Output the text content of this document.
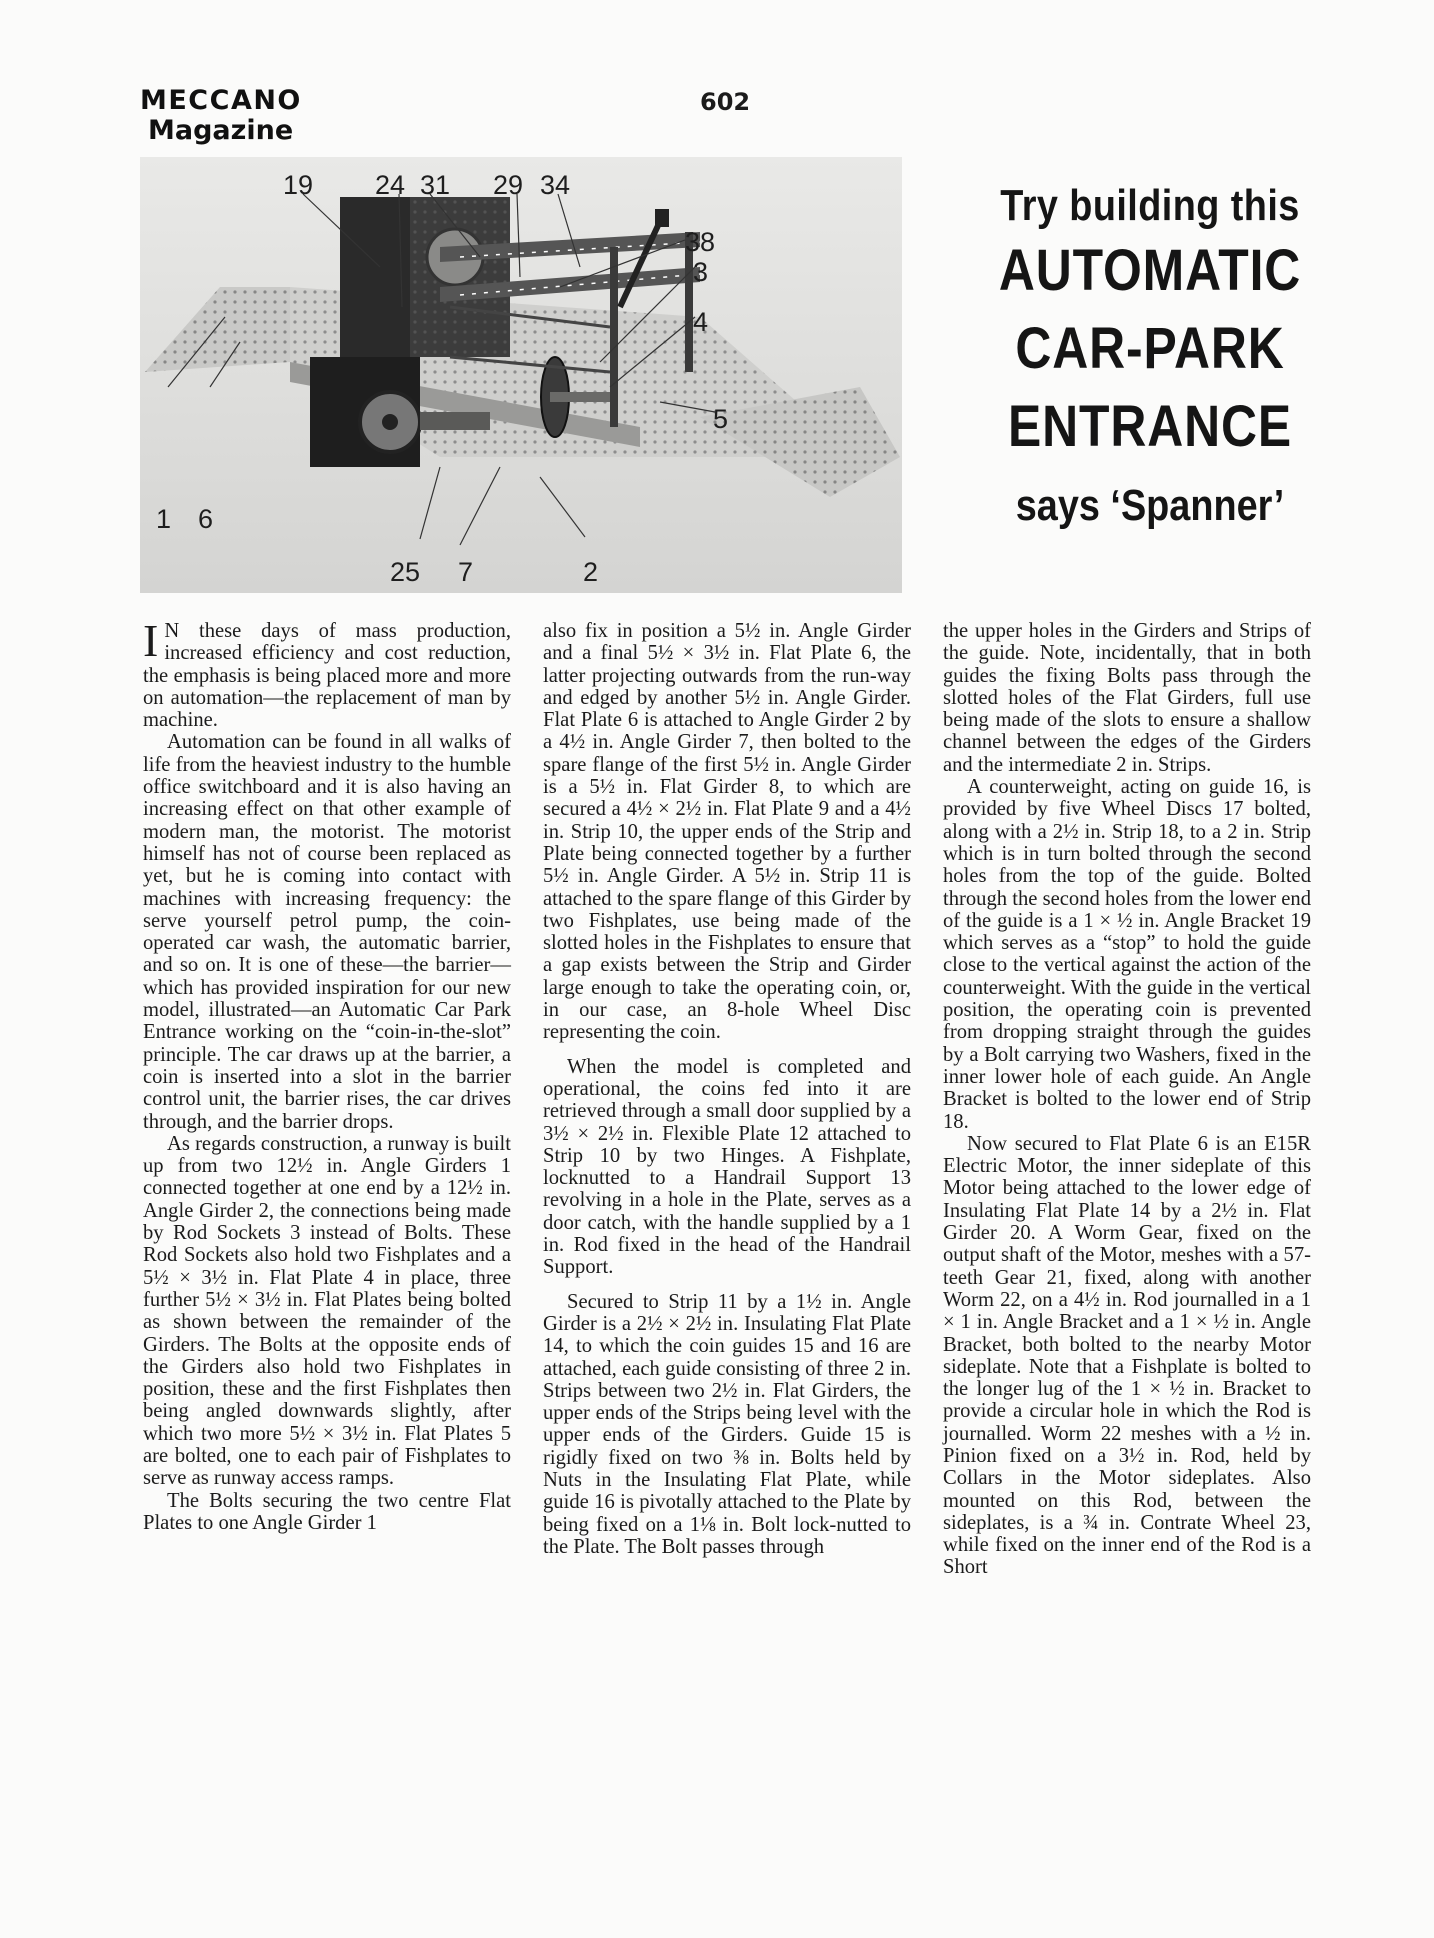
MECCANO
Magazine
602
19 24 31 29 34
38
3
4
5
2
7
25
1 6
Try building this
AUTOMATIC
CAR-PARK
ENTRANCE
says ‘Spanner’

I N these days of mass production, increased efficiency and cost reduction, the emphasis is being placed more and more on automation—the replacement of man by machine.

Automation can be found in all walks of life from the heaviest industry to the humble office switchboard and it is also having an increasing effect on that other example of modern man, the motorist. The motorist himself has not of course been replaced as yet, but he is coming into contact with machines with increasing frequency: the serve yourself petrol pump, the coin-operated car wash, the automatic barrier, and so on. It is one of these—the barrier—which has provided inspiration for our new model, illustrated—an Automatic Car Park Entrance working on the “coin-in-the-slot” principle. The car draws up at the barrier, a coin is inserted into a slot in the barrier control unit, the barrier rises, the car drives through, and the barrier drops.

As regards construction, a runway is built up from two 12½ in. Angle Girders 1 connected together at one end by a 12½ in. Angle Girder 2, the connections being made by Rod Sockets 3 instead of Bolts. These Rod Sockets also hold two Fishplates and a 5½ × 3½ in. Flat Plate 4 in place, three further 5½ × 3½ in. Flat Plates being bolted as shown between the remainder of the Girders. The Bolts at the opposite ends of the Girders also hold two Fishplates in position, these and the first Fishplates then being angled downwards slightly, after which two more 5½ × 3½ in. Flat Plates 5 are bolted, one to each pair of Fishplates to serve as runway access ramps.

The Bolts securing the two centre Flat Plates to one Angle Girder 1

also fix in position a 5½ in. Angle Girder and a final 5½ × 3½ in. Flat Plate 6, the latter projecting outwards from the run-way and edged by another 5½ in. Angle Girder. Flat Plate 6 is attached to Angle Girder 2 by a 4½ in. Angle Girder 7, then bolted to the spare flange of the first 5½ in. Angle Girder is a 5½ in. Flat Girder 8, to which are secured a 4½ × 2½ in. Flat Plate 9 and a 4½ in. Strip 10, the upper ends of the Strip and Plate being connected together by a further 5½ in. Angle Girder. A 5½ in. Strip 11 is attached to the spare flange of this Girder by two Fishplates, use being made of the slotted holes in the Fishplates to ensure that a gap exists between the Strip and Girder large enough to take the operating coin, or, in our case, an 8-hole Wheel Disc representing the coin.

When the model is completed and operational, the coins fed into it are retrieved through a small door supplied by a 3½ × 2½ in. Flexible Plate 12 attached to Strip 10 by two Hinges. A Fishplate, locknutted to a Handrail Support 13 revolving in a hole in the Plate, serves as a door catch, with the handle supplied by a 1 in. Rod fixed in the head of the Handrail Support.

Secured to Strip 11 by a 1½ in. Angle Girder is a 2½ × 2½ in. Insulating Flat Plate 14, to which the coin guides 15 and 16 are attached, each guide consisting of three 2 in. Strips between two 2½ in. Flat Girders, the upper ends of the Strips being level with the upper ends of the Girders. Guide 15 is rigidly fixed on two ⅜ in. Bolts held by Nuts in the Insulating Flat Plate, while guide 16 is pivotally attached to the Plate by being fixed on a 1⅛ in. Bolt lock-nutted to the Plate. The Bolt passes through

the upper holes in the Girders and Strips of the guide. Note, incidentally, that in both guides the fixing Bolts pass through the slotted holes of the Flat Girders, full use being made of the slots to ensure a shallow channel between the edges of the Girders and the intermediate 2 in. Strips.

A counterweight, acting on guide 16, is provided by five Wheel Discs 17 bolted, along with a 2½ in. Strip 18, to a 2 in. Strip which is in turn bolted through the second holes from the top of the guide. Bolted through the second holes from the lower end of the guide is a 1 × ½ in. Angle Bracket 19 which serves as a “stop” to hold the guide close to the vertical against the action of the counterweight. With the guide in the vertical position, the operating coin is prevented from dropping straight through the guides by a Bolt carrying two Washers, fixed in the inner lower hole of each guide. An Angle Bracket is bolted to the lower end of Strip 18.

Now secured to Flat Plate 6 is an E15R Electric Motor, the inner sideplate of this Motor being attached to the lower edge of Insulating Flat Plate 14 by a 2½ in. Flat Girder 20. A Worm Gear, fixed on the output shaft of the Motor, meshes with a 57-teeth Gear 21, fixed, along with another Worm 22, on a 4½ in. Rod journalled in a 1 × 1 in. Angle Bracket and a 1 × ½ in. Angle Bracket, both bolted to the nearby Motor sideplate. Note that a Fishplate is bolted to the longer lug of the 1 × ½ in. Bracket to provide a circular hole in which the Rod is journalled. Worm 22 meshes with a ½ in. Pinion fixed on a 3½ in. Rod, held by Collars in the Motor sideplates. Also mounted on this Rod, between the sideplates, is a ¾ in. Contrate Wheel 23, while fixed on the inner end of the Rod is a Short
